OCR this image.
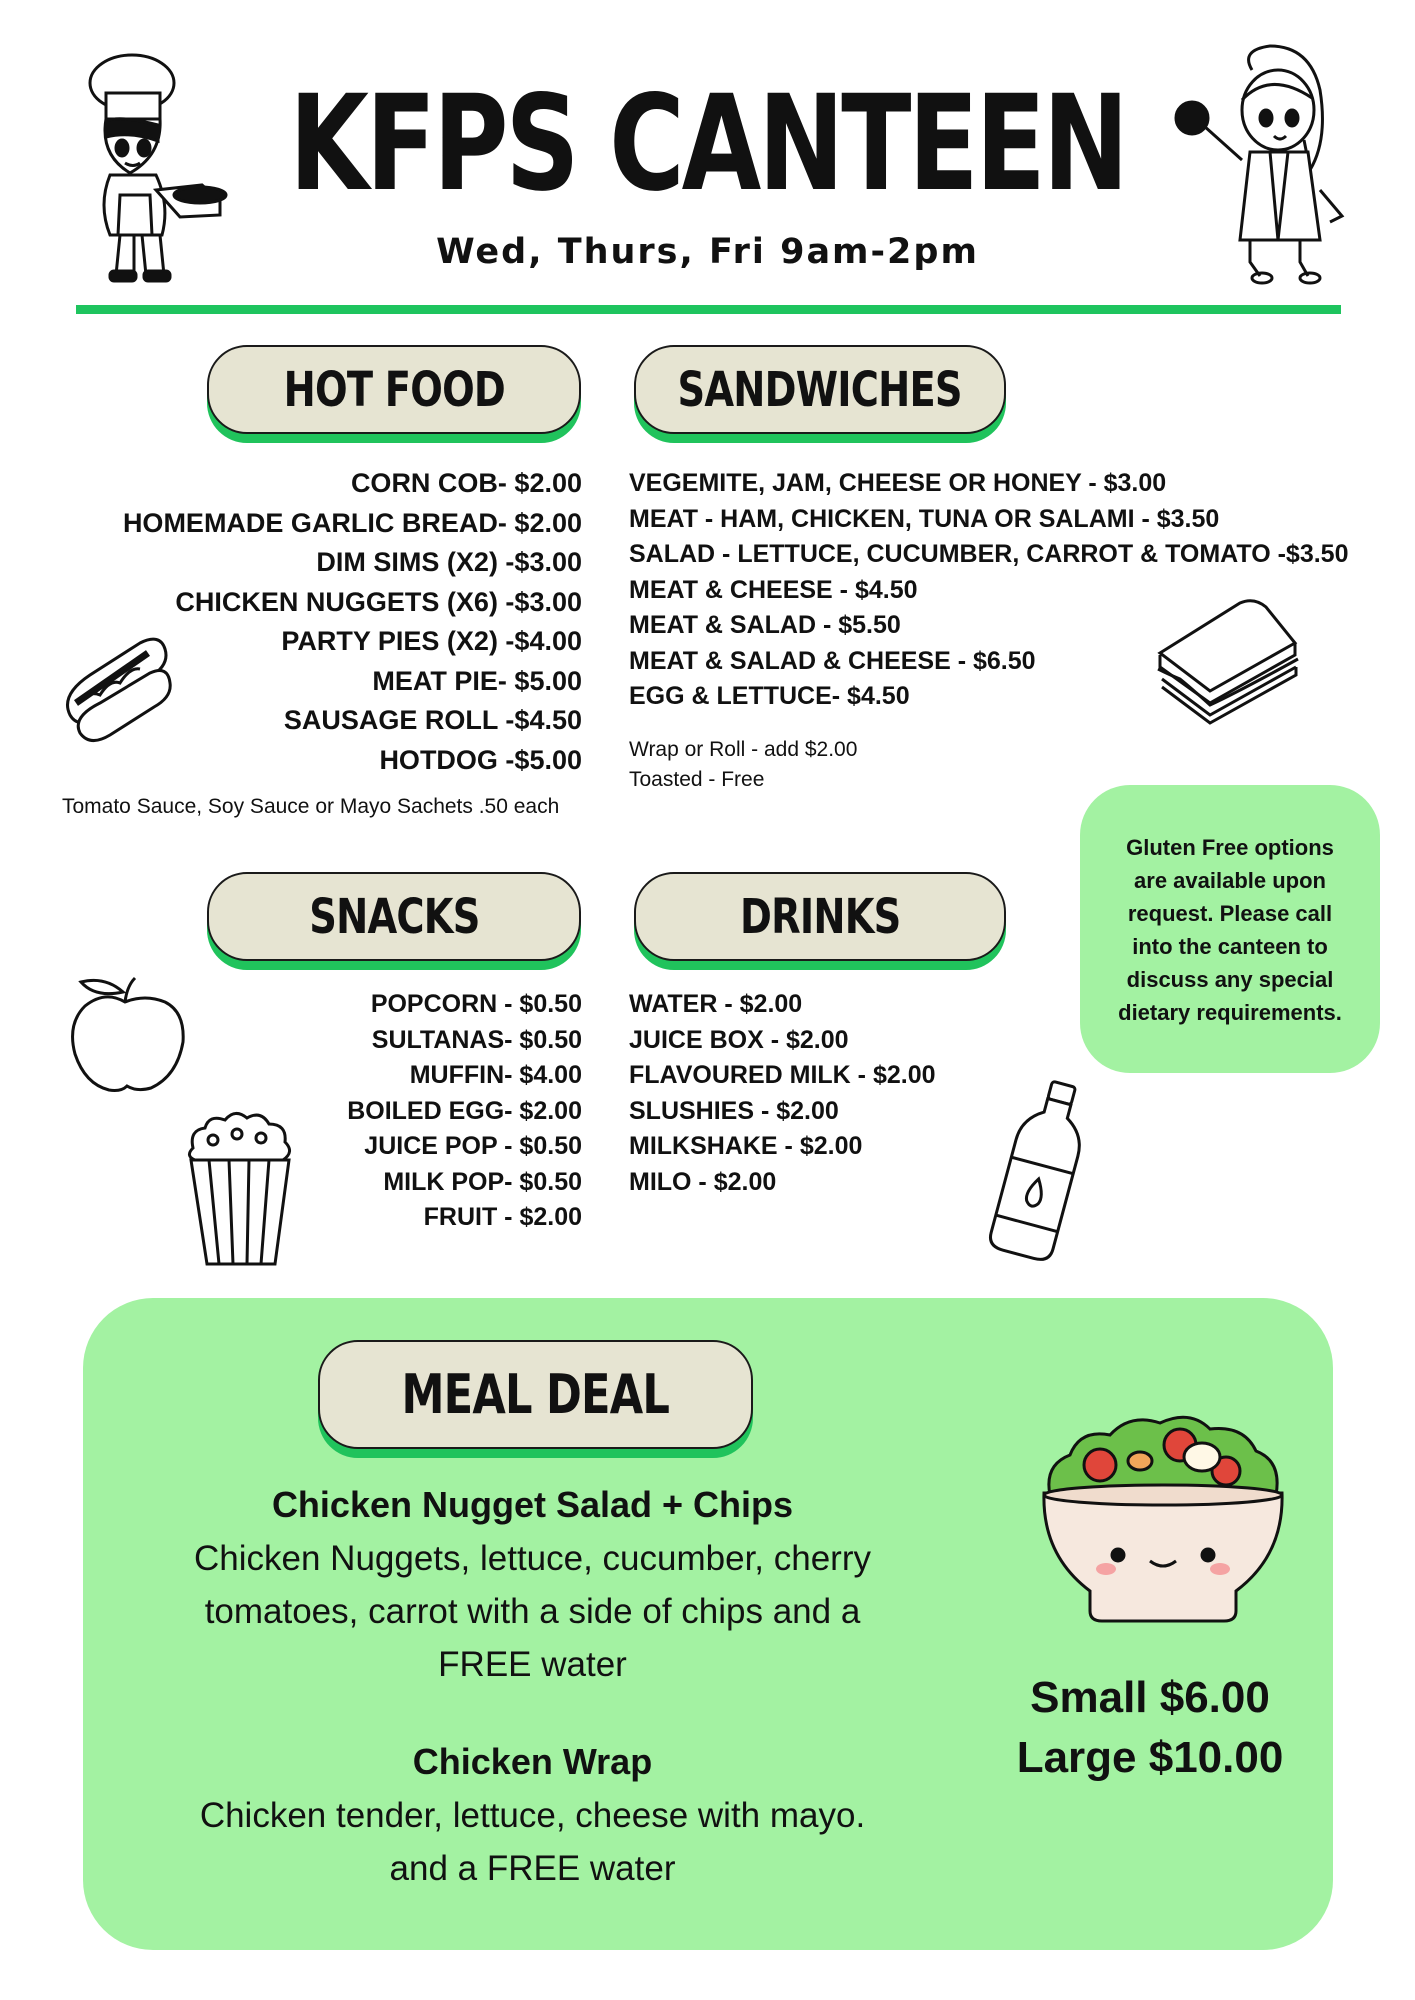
KFPS CANTEEN
Wed, Thurs, Fri 9am-2pm
HOT FOOD
CORN COB- $2.00
HOMEMADE GARLIC BREAD- $2.00
DIM SIMS (X2) -$3.00
CHICKEN NUGGETS (X6) -$3.00
PARTY PIES (X2) -$4.00
MEAT PIE- $5.00
SAUSAGE ROLL -$4.50
HOTDOG -$5.00
Tomato Sauce, Soy Sauce or Mayo Sachets .50 each
SANDWICHES
VEGEMITE, JAM, CHEESE OR HONEY - $3.00
MEAT - HAM, CHICKEN, TUNA OR SALAMI - $3.50
SALAD - LETTUCE, CUCUMBER, CARROT & TOMATO -$3.50
MEAT & CHEESE - $4.50
MEAT & SALAD - $5.50
MEAT & SALAD & CHEESE - $6.50
EGG & LETTUCE- $4.50
Wrap or Roll - add $2.00
Toasted - Free
Gluten Free options
are available upon
request. Please call
into the canteen to
discuss any special
dietary requirements.
SNACKS
POPCORN - $0.50
SULTANAS- $0.50
MUFFIN- $4.00
BOILED EGG- $2.00
JUICE POP - $0.50
MILK POP- $0.50
FRUIT - $2.00
DRINKS
WATER - $2.00
JUICE BOX - $2.00
FLAVOURED MILK - $2.00
SLUSHIES - $2.00
MILKSHAKE - $2.00
MILO - $2.00
MEAL DEAL
Chicken Nugget Salad + Chips
Chicken Nuggets, lettuce, cucumber, cherry
tomatoes, carrot with a side of chips and a
FREE water
Chicken Wrap
Chicken tender, lettuce, cheese with mayo.
and a FREE water
Small $6.00
Large $10.00
